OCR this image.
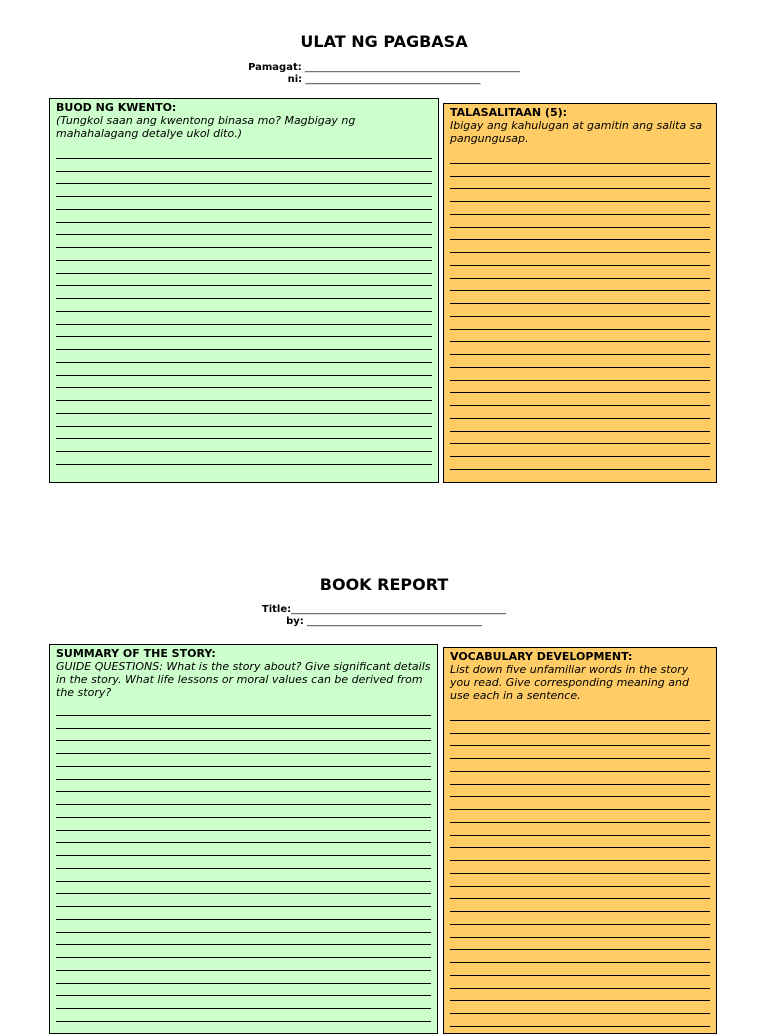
ULAT NG PAGBASA
Pamagat: ___________________________________________
ni: ___________________________________
BUOD NG KWENTO:
(Tungkol saan ang kwentong binasa mo? Magbigay ng mahahalagang detalye ukol dito.)
TALASALITAAN (5):
Ibigay ang kahulugan at gamitin ang salita sa pangungusap.
BOOK REPORT
Title:___________________________________________
by: ___________________________________
SUMMARY OF THE STORY:
GUIDE QUESTIONS: What is the story about? Give significant details in the story. What life lessons or moral values can be derived from the story?
VOCABULARY DEVELOPMENT:
List down five unfamiliar words in the story you read. Give corresponding meaning and use each in a sentence.
